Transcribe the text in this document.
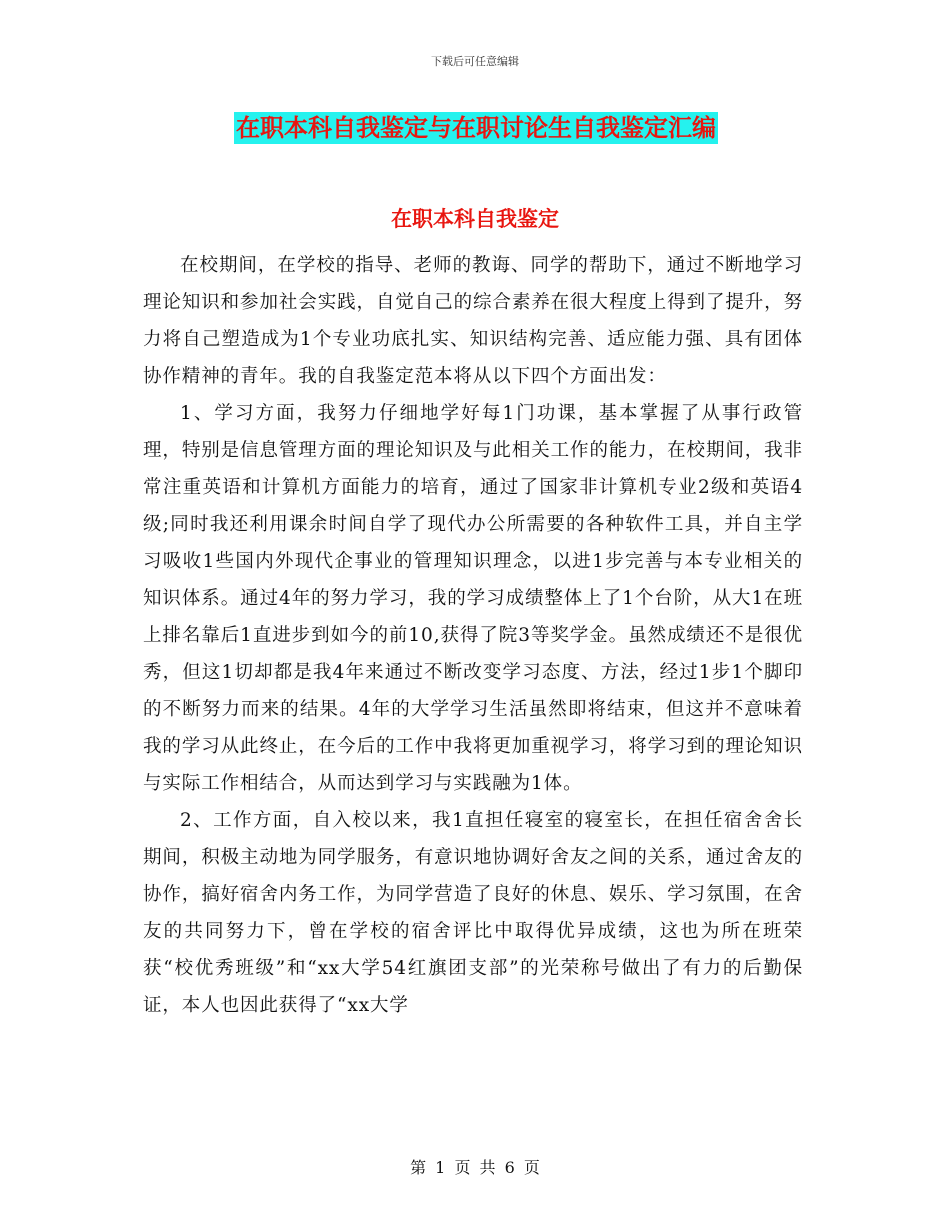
下载后可任意编辑
在职本科自我鉴定与在职讨论生自我鉴定汇编
在职本科自我鉴定

在校期间，在学校的指导、老师的教诲、同学的帮助下，通过不断地学习理论知识和参加社会实践，自觉自己的综合素养在很大程度上得到了提升，努力将自己塑造成为1个专业功底扎实、知识结构完善、适应能力强、具有团体协作精神的青年。我的自我鉴定范本将从以下四个方面出发：

1、学习方面，我努力仔细地学好每1门功课，基本掌握了从事行政管理，特别是信息管理方面的理论知识及与此相关工作的能力，在校期间，我非常注重英语和计算机方面能力的培育，通过了国家非计算机专业2级和英语4级;同时我还利用课余时间自学了现代办公所需要的各种软件工具，并自主学习吸收1些国内外现代企事业的管理知识理念，以进1步完善与本专业相关的知识体系。通过4年的努力学习，我的学习成绩整体上了1个台阶，从大1在班上排名靠后1直进步到如今的前10,获得了院3等奖学金。虽然成绩还不是很优秀，但这1切却都是我4年来通过不断改变学习态度、方法，经过1步1个脚印的不断努力而来的结果。4年的大学学习生活虽然即将结束，但这并不意味着我的学习从此终止，在今后的工作中我将更加重视学习，将学习到的理论知识与实际工作相结合，从而达到学习与实践融为1体。

2、工作方面，自入校以来，我1直担任寝室的寝室长，在担任宿舍舍长期间，积极主动地为同学服务，有意识地协调好舍友之间的关系，通过舍友的协作，搞好宿舍内务工作，为同学营造了良好的休息、娱乐、学习氛围，在舍友的共同努力下，曾在学校的宿舍评比中取得优异成绩，这也为所在班荣获“校优秀班级”和“xx大学54红旗团支部”的光荣称号做出了有力的后勤保证，本人也因此获得了“xx大学

第 1 页 共 6 页
